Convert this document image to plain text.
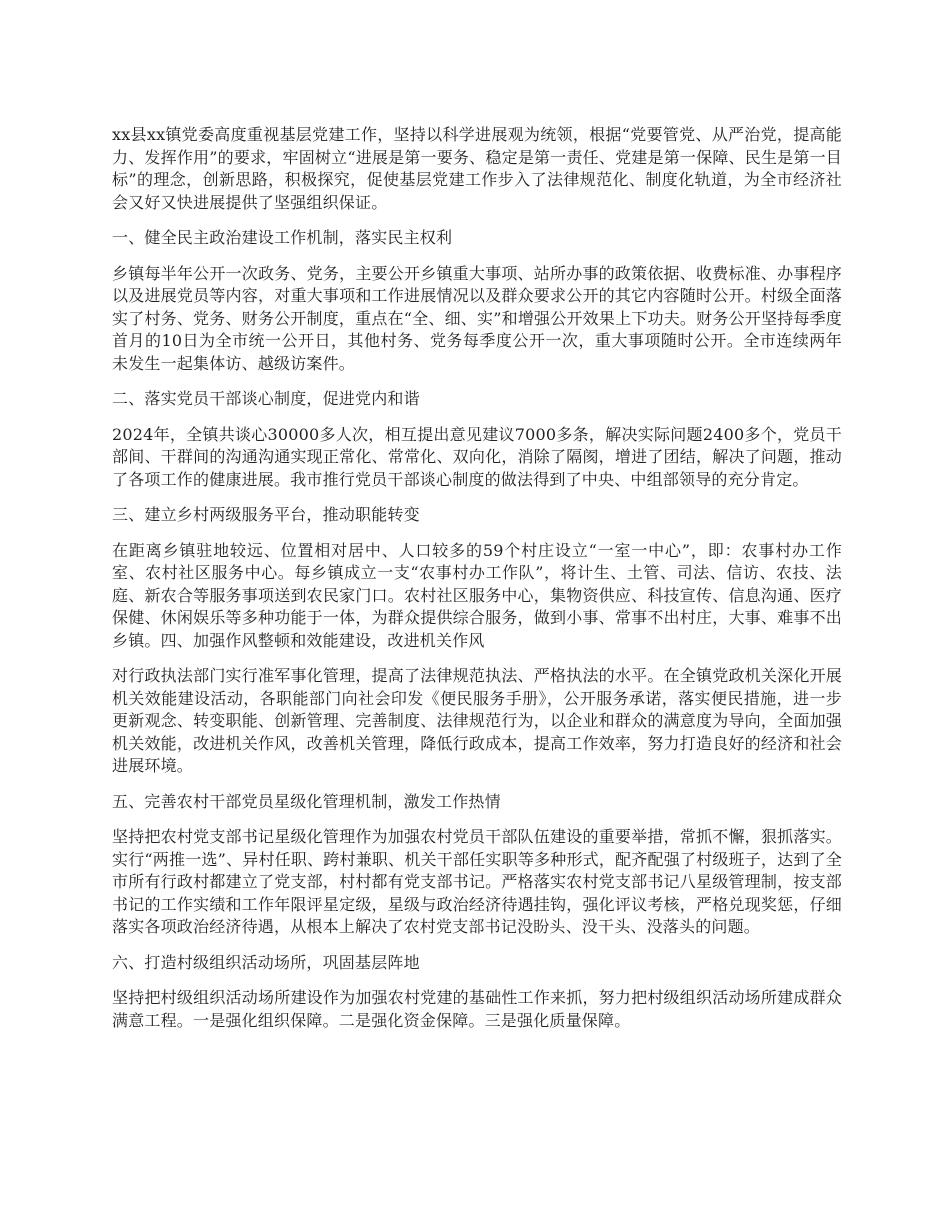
xx县xx镇党委高度重视基层党建工作，坚持以科学进展观为统领，根据“党要管党、从严治党，提高能力、发挥作用”的要求，牢固树立“进展是第一要务、稳定是第一责任、党建是第一保障、民生是第一目标”的理念，创新思路，积极探究，促使基层党建工作步入了法律规范化、制度化轨道，为全市经济社会又好又快进展提供了坚强组织保证。

一、健全民主政治建设工作机制，落实民主权利

乡镇每半年公开一次政务、党务，主要公开乡镇重大事项、站所办事的政策依据、收费标准、办事程序以及进展党员等内容，对重大事项和工作进展情况以及群众要求公开的其它内容随时公开。村级全面落实了村务、党务、财务公开制度，重点在“全、细、实”和增强公开效果上下功夫。财务公开坚持每季度首月的10日为全市统一公开日，其他村务、党务每季度公开一次，重大事项随时公开。全市连续两年未发生一起集体访、越级访案件。

二、落实党员干部谈心制度，促进党内和谐

2024年，全镇共谈心30000多人次，相互提出意见建议7000多条，解决实际问题2400多个，党员干部间、干群间的沟通沟通实现正常化、常常化、双向化，消除了隔阂，增进了团结，解决了问题，推动了各项工作的健康进展。我市推行党员干部谈心制度的做法得到了中央、中组部领导的充分肯定。

三、建立乡村两级服务平台，推动职能转变

在距离乡镇驻地较远、位置相对居中、人口较多的59个村庄设立“一室一中心”，即：农事村办工作室、农村社区服务中心。每乡镇成立一支“农事村办工作队”，将计生、土管、司法、信访、农技、法庭、新农合等服务事项送到农民家门口。农村社区服务中心，集物资供应、科技宣传、信息沟通、医疗保健、休闲娱乐等多种功能于一体，为群众提供综合服务，做到小事、常事不出村庄，大事、难事不出乡镇。四、加强作风整顿和效能建设，改进机关作风

对行政执法部门实行准军事化管理，提高了法律规范执法、严格执法的水平。在全镇党政机关深化开展机关效能建设活动，各职能部门向社会印发《便民服务手册》，公开服务承诺，落实便民措施，进一步更新观念、转变职能、创新管理、完善制度、法律规范行为，以企业和群众的满意度为导向，全面加强机关效能，改进机关作风，改善机关管理，降低行政成本，提高工作效率，努力打造良好的经济和社会进展环境。

五、完善农村干部党员星级化管理机制，激发工作热情

坚持把农村党支部书记星级化管理作为加强农村党员干部队伍建设的重要举措，常抓不懈，狠抓落实。实行“两推一选”、异村任职、跨村兼职、机关干部任实职等多种形式，配齐配强了村级班子，达到了全市所有行政村都建立了党支部，村村都有党支部书记。严格落实农村党支部书记八星级管理制，按支部书记的工作实绩和工作年限评星定级，星级与政治经济待遇挂钩，强化评议考核，严格兑现奖惩，仔细落实各项政治经济待遇，从根本上解决了农村党支部书记没盼头、没干头、没落头的问题。

六、打造村级组织活动场所，巩固基层阵地

坚持把村级组织活动场所建设作为加强农村党建的基础性工作来抓，努力把村级组织活动场所建成群众满意工程。一是强化组织保障。二是强化资金保障。三是强化质量保障。
